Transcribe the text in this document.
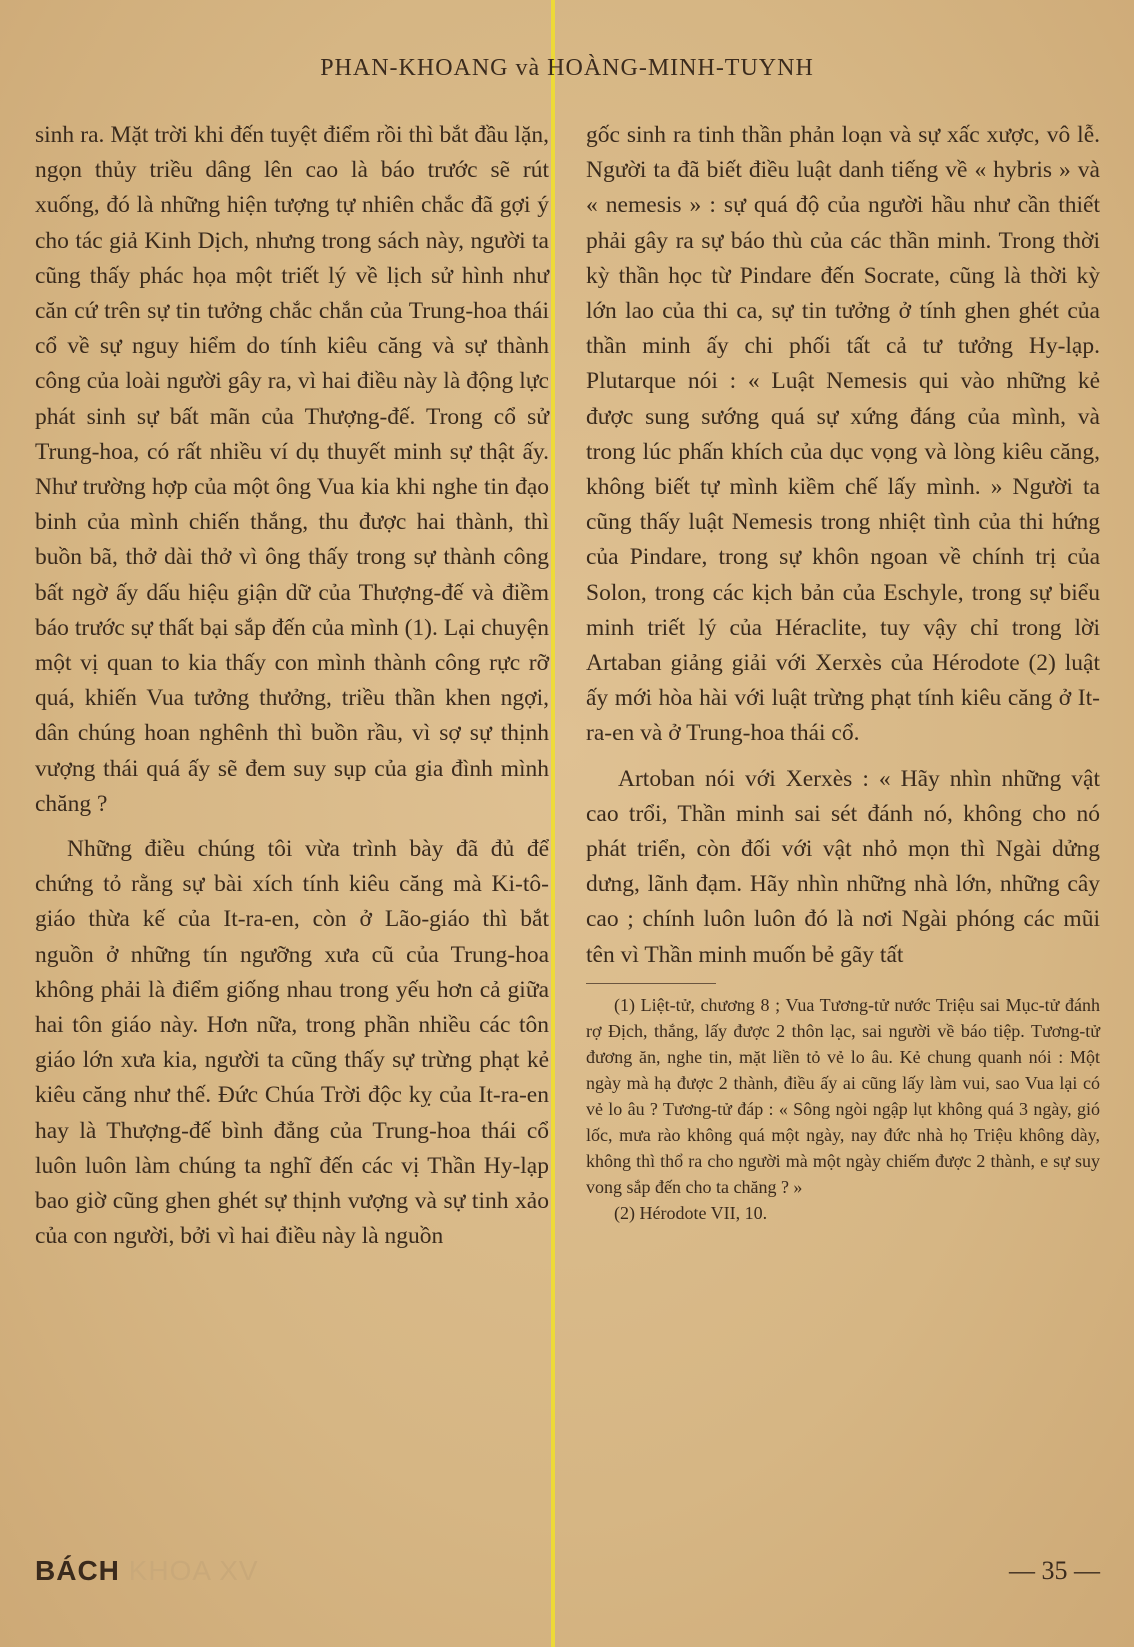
PHAN-KHOANG và HOÀNG-MINH-TUYNH

sinh ra. Mặt trời khi đến tuyệt điểm rồi thì bắt đầu lặn, ngọn thủy triều dâng lên cao là báo trước sẽ rút xuống, đó là những hiện tượng tự nhiên chắc đã gợi ý cho tác giả Kinh Dịch, nhưng trong sách này, người ta cũng thấy phác họa một triết lý về lịch sử hình như căn cứ trên sự tin tưởng chắc chắn của Trung-hoa thái cổ về sự nguy hiểm do tính kiêu căng và sự thành công của loài người gây ra, vì hai điều này là động lực phát sinh sự bất mãn của Thượng-đế. Trong cổ sử Trung-hoa, có rất nhiều ví dụ thuyết minh sự thật ấy. Như trường hợp của một ông Vua kia khi nghe tin đạo binh của mình chiến thắng, thu được hai thành, thì buồn bã, thở dài thở vì ông thấy trong sự thành công bất ngờ ấy dấu hiệu giận dữ của Thượng-đế và điềm báo trước sự thất bại sắp đến của mình (1). Lại chuyện một vị quan to kia thấy con mình thành công rực rỡ quá, khiến Vua tưởng thưởng, triều thần khen ngợi, dân chúng hoan nghênh thì buồn rầu, vì sợ sự thịnh vượng thái quá ấy sẽ đem suy sụp của gia đình mình chăng ?

Những điều chúng tôi vừa trình bày đã đủ để chứng tỏ rằng sự bài xích tính kiêu căng mà Ki-tô-giáo thừa kế của It-ra-en, còn ở Lão-giáo thì bắt nguồn ở những tín ngưỡng xưa cũ của Trung-hoa không phải là điểm giống nhau trong yếu hơn cả giữa hai tôn giáo này. Hơn nữa, trong phần nhiều các tôn giáo lớn xưa kia, người ta cũng thấy sự trừng phạt kẻ kiêu căng như thế. Đức Chúa Trời độc kỵ của It-ra-en hay là Thượng-đế bình đẳng của Trung-hoa thái cổ luôn luôn làm chúng ta nghĩ đến các vị Thần Hy-lạp bao giờ cũng ghen ghét sự thịnh vượng và sự tinh xảo của con người, bởi vì hai điều này là nguồn

gốc sinh ra tinh thần phản loạn và sự xấc xược, vô lễ. Người ta đã biết điều luật danh tiếng về « hybris » và « nemesis » : sự quá độ của người hầu như cần thiết phải gây ra sự báo thù của các thần minh. Trong thời kỳ thần học từ Pindare đến Socrate, cũng là thời kỳ lớn lao của thi ca, sự tin tưởng ở tính ghen ghét của thần minh ấy chi phối tất cả tư tưởng Hy-lạp. Plutarque nói : « Luật Nemesis qui vào những kẻ được sung sướng quá sự xứng đáng của mình, và trong lúc phấn khích của dục vọng và lòng kiêu căng, không biết tự mình kiềm chế lấy mình. » Người ta cũng thấy luật Nemesis trong nhiệt tình của thi hứng của Pindare, trong sự khôn ngoan về chính trị của Solon, trong các kịch bản của Eschyle, trong sự biểu minh triết lý của Héraclite, tuy vậy chỉ trong lời Artaban giảng giải với Xerxès của Hérodote (2) luật ấy mới hòa hài với luật trừng phạt tính kiêu căng ở It-ra-en và ở Trung-hoa thái cổ.

Artoban nói với Xerxès : « Hãy nhìn những vật cao trổi, Thần minh sai sét đánh nó, không cho nó phát triển, còn đối với vật nhỏ mọn thì Ngài dửng dưng, lãnh đạm. Hãy nhìn những nhà lớn, những cây cao ; chính luôn luôn đó là nơi Ngài phóng các mũi tên vì Thần minh muốn bẻ gãy tất

(1) Liệt-tử, chương 8 ; Vua Tương-tử nước Triệu sai Mục-tử đánh rợ Địch, thắng, lấy được 2 thôn lạc, sai người về báo tiệp. Tương-tử đương ăn, nghe tin, mặt liền tỏ vẻ lo âu. Kẻ chung quanh nói : Một ngày mà hạ được 2 thành, điều ấy ai cũng lấy làm vui, sao Vua lại có vẻ lo âu ? Tương-tử đáp : « Sông ngòi ngập lụt không quá 3 ngày, gió lốc, mưa rào không quá một ngày, nay đức nhà họ Triệu không dày, không thì thổ ra cho người mà một ngày chiếm được 2 thành, e sự suy vong sắp đến cho ta chăng ? »

(2) Hérodote VII, 10.

BÁCH KHOA XV	— 35 —
